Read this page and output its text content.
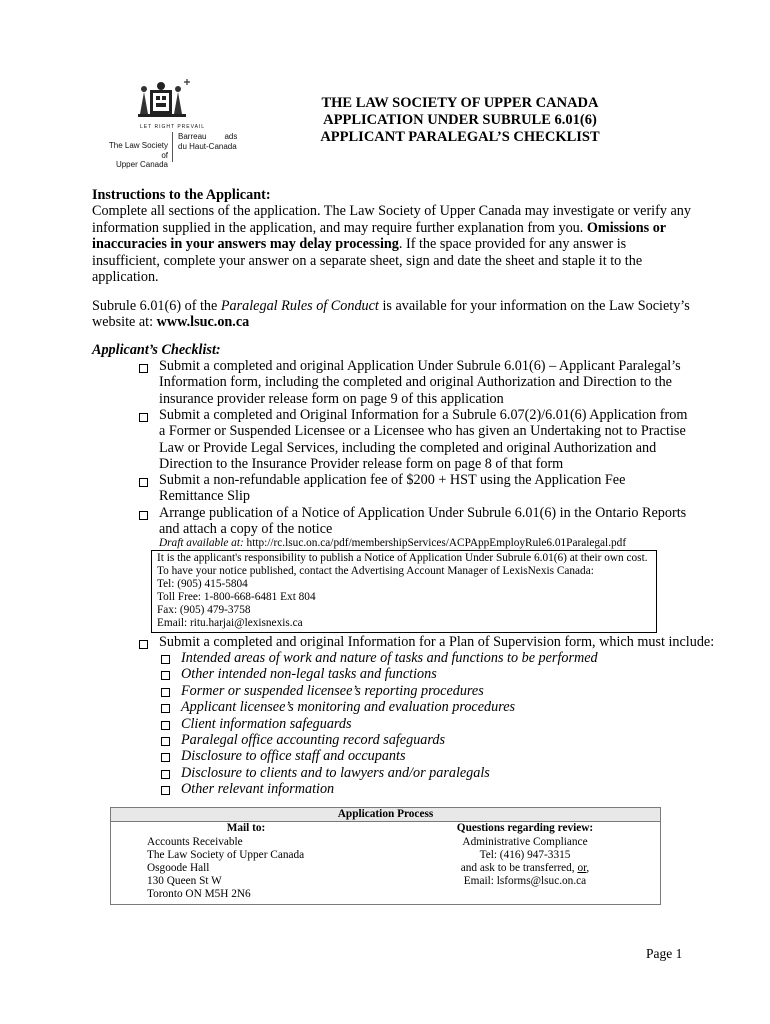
LET RIGHT PREVAIL
The Law Society of
Upper Canada
Barreau ads
du Haut-Canada
THE LAW SOCIETY OF UPPER CANADA
APPLICATION UNDER SUBRULE 6.01(6)
APPLICANT PARALEGAL’S CHECKLIST
Instructions to the Applicant:
Complete all sections of the application. The Law Society of Upper Canada may investigate or verify any
information supplied in the application, and may require further explanation from you. Omissions or
inaccuracies in your answers may delay processing. If the space provided for any answer is
insufficient, complete your answer on a separate sheet, sign and date the sheet and staple it to the
application.
Subrule 6.01(6) of the Paralegal Rules of Conduct is available for your information on the Law Society’s
website at: www.lsuc.on.ca
Applicant’s Checklist:
Submit a completed and original Application Under Subrule 6.01(6) – Applicant Paralegal’s
Information form, including the completed and original Authorization and Direction to the
insurance provider release form on page 9 of this application
Submit a completed and Original Information for a Subrule 6.07(2)/6.01(6) Application from
a Former or Suspended Licensee or a Licensee who has given an Undertaking not to Practise
Law or Provide Legal Services, including the completed and original Authorization and
Direction to the Insurance Provider release form on page 8 of that form
Submit a non-refundable application fee of $200 + HST using the Application Fee
Remittance Slip
Arrange publication of a Notice of Application Under Subrule 6.01(6) in the Ontario Reports
and attach a copy of the notice
Draft available at: http://rc.lsuc.on.ca/pdf/membershipServices/ACPAppEmployRule6.01Paralegal.pdf
It is the applicant's responsibility to publish a Notice of Application Under Subrule 6.01(6) at their own cost.
To have your notice published, contact the Advertising Account Manager of LexisNexis Canada:
Tel: (905) 415-5804
Toll Free: 1-800-668-6481 Ext 804
Fax: (905) 479-3758
Email: ritu.harjai@lexisnexis.ca
Submit a completed and original Information for a Plan of Supervision form, which must include:
Intended areas of work and nature of tasks and functions to be performed
Other intended non-legal tasks and functions
Former or suspended licensee’s reporting procedures
Applicant licensee’s monitoring and evaluation procedures
Client information safeguards
Paralegal office accounting record safeguards
Disclosure to office staff and occupants
Disclosure to clients and to lawyers and/or paralegals
Other relevant information
Application Process
Mail to:	Questions regarding review:
Accounts Receivable
The Law Society of Upper Canada
Osgoode Hall
130 Queen St W
Toronto ON M5H 2N6
Administrative Compliance
Tel: (416) 947-3315
and ask to be transferred, or,
Email: lsforms@lsuc.on.ca
Page 1
